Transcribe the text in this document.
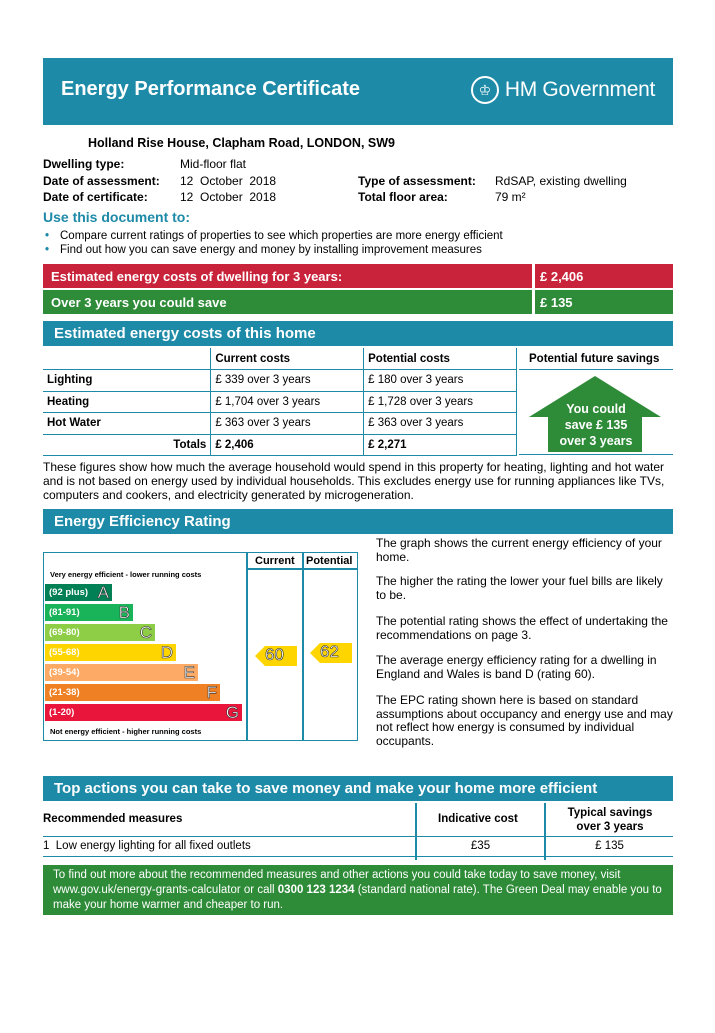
Energy Performance Certificate	♔ HM Government
Holland Rise House, Clapham Road, LONDON, SW9
Dwelling type:	Mid-floor flat
Date of assessment: 12  October  2018
Date of certificate:	12  October  2018
Type of assessment: RdSAP, existing dwelling
Total floor area:	79 m²
Use this document to:
• Compare current ratings of properties to see which properties are more energy efficient
• Find out how you can save energy and money by installing improvement measures
Estimated energy costs of dwelling for 3 years:	£ 2,406
Over 3 years you could save	£ 135
Estimated energy costs of this home
	Current costs	Potential costs
Lighting	£ 339 over 3 years	£ 180 over 3 years
Heating	£ 1,704 over 3 years	£ 1,728 over 3 years
Hot Water	£ 363 over 3 years	£ 363 over 3 years
Totals	£ 2,406	£ 2,271
Potential future savings
You could
save £ 135
over 3 years
These figures show how much the average household would spend in this property for heating, lighting and hot water and is not based on energy used by individual households. This excludes energy use for running appliances like TVs, computers and cookers, and electricity generated by microgeneration.
Energy Efficiency Rating
Current Potential
Very energy efficient - lower running costs
Not energy efficient - higher running costs
(92 plus) A
(81-91) B
(69-80)	C
(55-68)	D
(39-54)	E
(21-38)	F
(1-20)	G
60 62
The graph shows the current energy efficiency of your home.
The higher the rating the lower your fuel bills are likely to be.
The potential rating shows the effect of undertaking the recommendations on page 3.
The average energy efficiency rating for a dwelling in England and Wales is band D (rating 60).
The EPC rating shown here is based on standard assumptions about occupancy and energy use and may not reflect how energy is consumed by individual occupants.
Top actions you can take to save money and make your home more efficient
Recommended measures	Indicative cost	Typical savings over 3 years
1  Low energy lighting for all fixed outlets	£35	£ 135
To find out more about the recommended measures and other actions you could take today to save money, visit www.gov.uk/energy-grants-calculator or call 0300 123 1234 (standard national rate). The Green Deal may enable you to make your home warmer and cheaper to run.
